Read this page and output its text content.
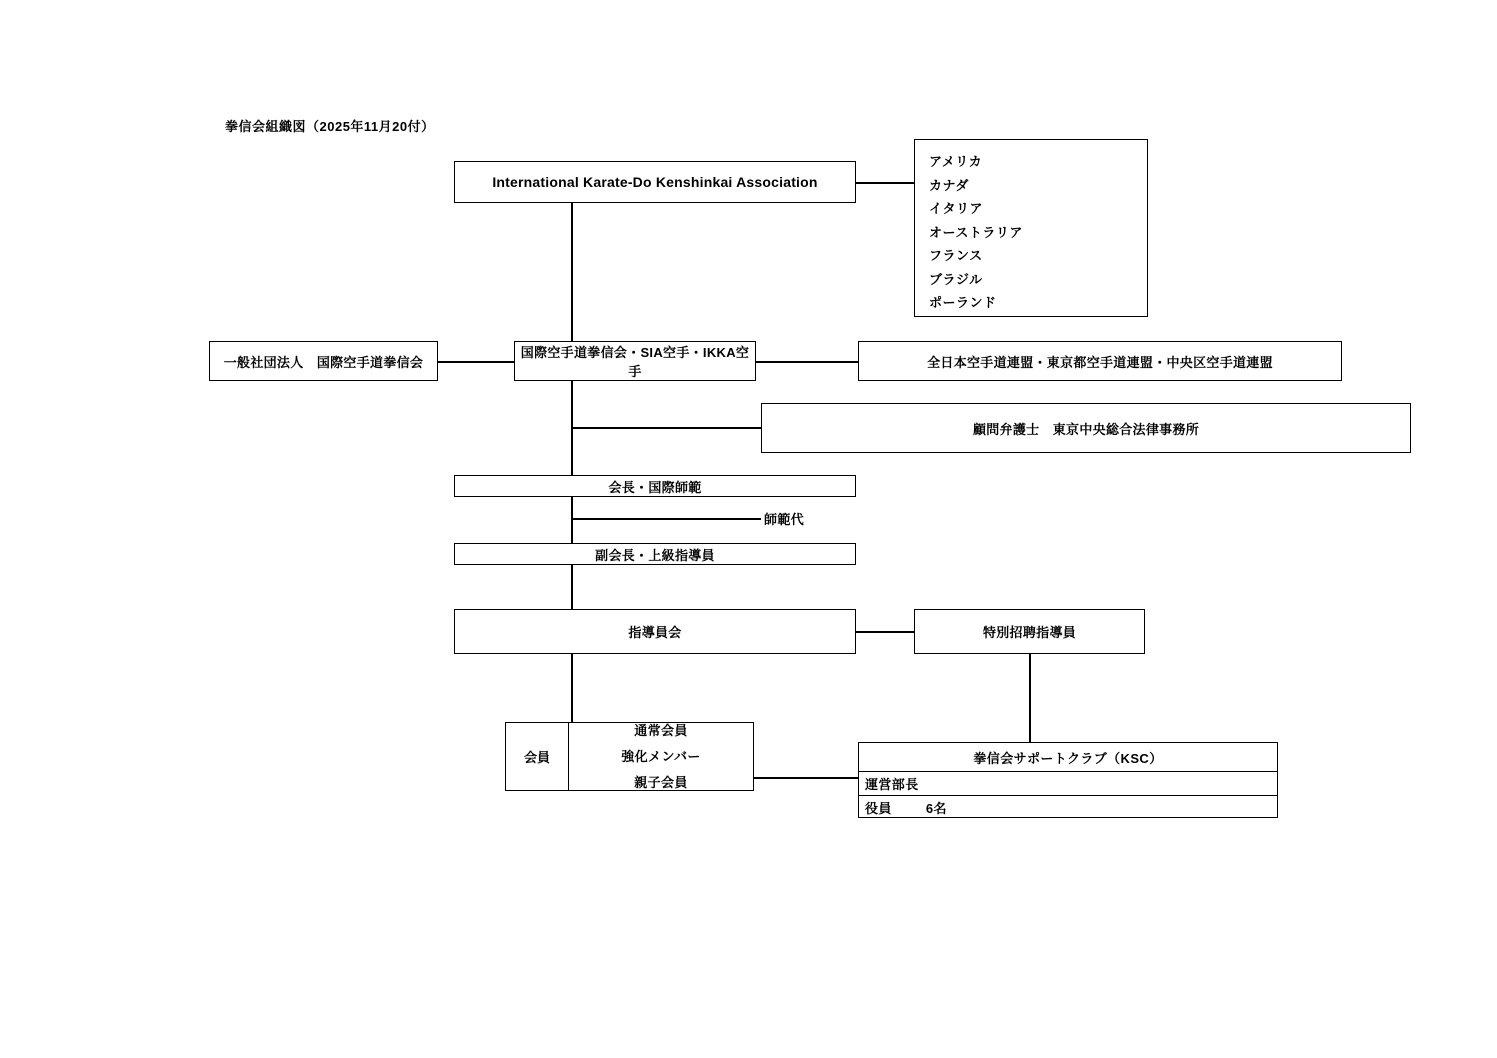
拳信会組織図（2025年11月20付）
International Karate-Do Kenshinkai Association
アメリカ
カナダ
イタリア
オーストラリア
フランス
ブラジル
ポーランド
一般社団法人　国際空手道拳信会
国際空手道拳信会・SIA空手・IKKA空手
全日本空手道連盟・東京都空手道連盟・中央区空手道連盟
顧問弁護士　東京中央総合法律事務所
会長・国際師範
師範代
副会長・上級指導員
指導員会	特別招聘指導員
会員
通常会員
強化メンバー
親子会員
拳信会サポートクラブ（KSC）
運営部長
役員	6名
